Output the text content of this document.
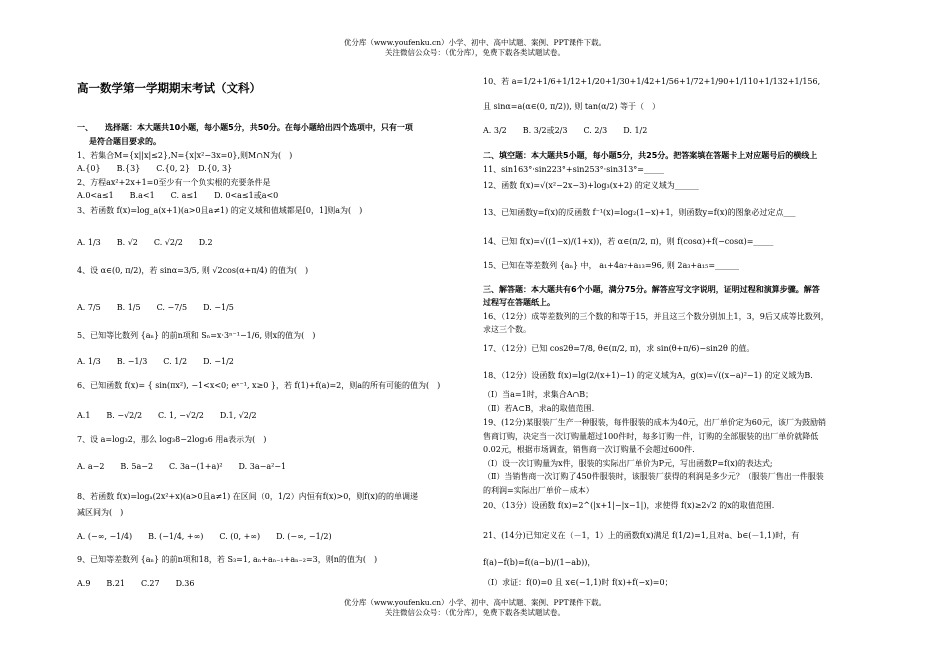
优分库（www.youfenku.cn）小学、初中、高中试题、案例、PPT课件下载。
关注微信公众号：（优分库），免费下载各类试题试卷。
高一数学第一学期期末考试（文科）
一、　　选择题：本大题共10小题，每小题5分，共50分。在每小题给出四个选项中，只有一项
是符合题目要求的。
1、若集合M={x||x|≤2},N={x|x²−3x=0},则M∩N为(　)
A.{0}　　B.{3}　　C.{0, 2}　D.{0, 3}
2、方程ax²+2x+1=0至少有一个负实根的充要条件是
A.0<a≤1　　B.a<1　　C. a≤1　　D. 0<a≤1或a<0
3、若函数 f(x)=log_a(x+1)(a>0且a≠1) 的定义域和值域都是[0，1]则a为(　)
A. 1/3　　B. √2　　C. √2/2　　D.2
4、设 α∈(0, π/2)，若 sinα=3/5, 则 √2cos(α+π/4) 的值为(　)
A. 7/5　　B. 1/5　　C. −7/5　　D. −1/5
5、已知等比数列 {aₙ} 的前n项和 Sₙ=x·3ⁿ⁻¹−1/6, 则x的值为(　)
A. 1/3　　B. −1/3　　C. 1/2　　D. −1/2
6、已知函数 f(x)= { sin(πx²), −1<x<0; eˣ⁻¹, x≥0 }，若 f(1)+f(a)=2，则a的所有可能的值为(　)
A.1　　B. −√2/2　　C. 1, −√2/2　　D.1, √2/2
7、设 a=log₃2，那么 log₃8−2log₃6 用a表示为(　)
A. a−2　　B. 5a−2　　C. 3a−(1+a)²　　D. 3a−a²−1
8、若函数 f(x)=logₐ(2x²+x)(a>0且a≠1) 在区间（0，1/2）内恒有f(x)>0，则f(x)的的单调递
减区间为(　)
A. (−∞, −1/4)　　B. (−1/4, +∞)　　C. (0, +∞)　　D. (−∞, −1/2)
9、已知等差数列 {aₙ} 的前n项和18，若 S₃=1, aₙ+aₙ₋₁+aₙ₋₂=3，则n的值为(　)
A.9　　B.21　　C.27　　D.36
10、若 a=1/2+1/6+1/12+1/20+1/30+1/42+1/56+1/72+1/90+1/110+1/132+1/156,
且 sinα=a(α∈(0, π/2)), 则 tan(α/2) 等于（　）
A. 3/2　　B. 3/2或2/3　　C. 2/3　　D. 1/2
二、填空题：本大题共5小题，每小题5分，共25分。把答案填在答题卡上对应题号后的横线上
11、sin163°·sin223°+sin253°·sin313°=_____
12、函数 f(x)=√(x²−2x−3)+log₃(x+2) 的定义域为______
13、已知函数y=f(x)的反函数 f⁻¹(x)=log₂(1−x)+1，则函数y=f(x)的图象必过定点___
14、已知 f(x)=√((1−x)/(1+x))，若 α∈(π/2, π)，则 f(cosα)+f(−cosα)=_____
15、已知在等差数列 {aₙ} 中， a₁+4a₇+a₁₃=96, 则 2a₃+a₁₅=______
三、解答题：本大题共有6个小题，满分75分。解答应写文字说明，证明过程和演算步骤。解答
过程写在答题纸上。
16、（12分）成等差数列的三个数的和等于15，并且这三个数分别加上1，3，9后又成等比数列，
求这三个数。
17、（12分）已知 cos2θ=7/8, θ∈(π/2, π)，求 sin(θ+π/6)−sin2θ 的值。
18、（12分）设函数 f(x)=lg(2/(x+1)−1) 的定义域为A，g(x)=√((x−a)²−1) 的定义域为B.
（Ⅰ）当a=1时，求集合A∩B；
（Ⅱ）若A⊂B，求a的取值范围.
19、(12分)某服装厂生产一种服装，每件服装的成本为40元，出厂单价定为60元，该厂为鼓励销
售商订购，决定当一次订购量超过100件时，每多订购一件，订购的全部服装的出厂单价就降低
0.02元，根据市场调查，销售商一次订购量不会超过600件.
（Ⅰ）设一次订购量为x件，服装的实际出厂单价为P元，写出函数P=f(x)的表达式;
（Ⅱ）当销售商一次订购了450件服装时，该服装厂获得的利润是多少元？（服装厂售出一件服装
的利润=实际出厂单价－成本）
20、（13分）设函数 f(x)=2^(|x+1|−|x−1|)，求使得 f(x)≥2√2 的x的取值范围.
21、(14分)已知定义在（－1，1）上的函数f(x)满足 f(1/2)=1,且对a、b∈(－1,1)时，有
f(a)−f(b)=f((a−b)/(1−ab))，
（Ⅰ）求证：f(0)=0 且 x∈(−1,1)时 f(x)+f(−x)=0；
优分库（www.youfenku.cn）小学、初中、高中试题、案例、PPT课件下载。
关注微信公众号：（优分库），免费下载各类试题试卷。
